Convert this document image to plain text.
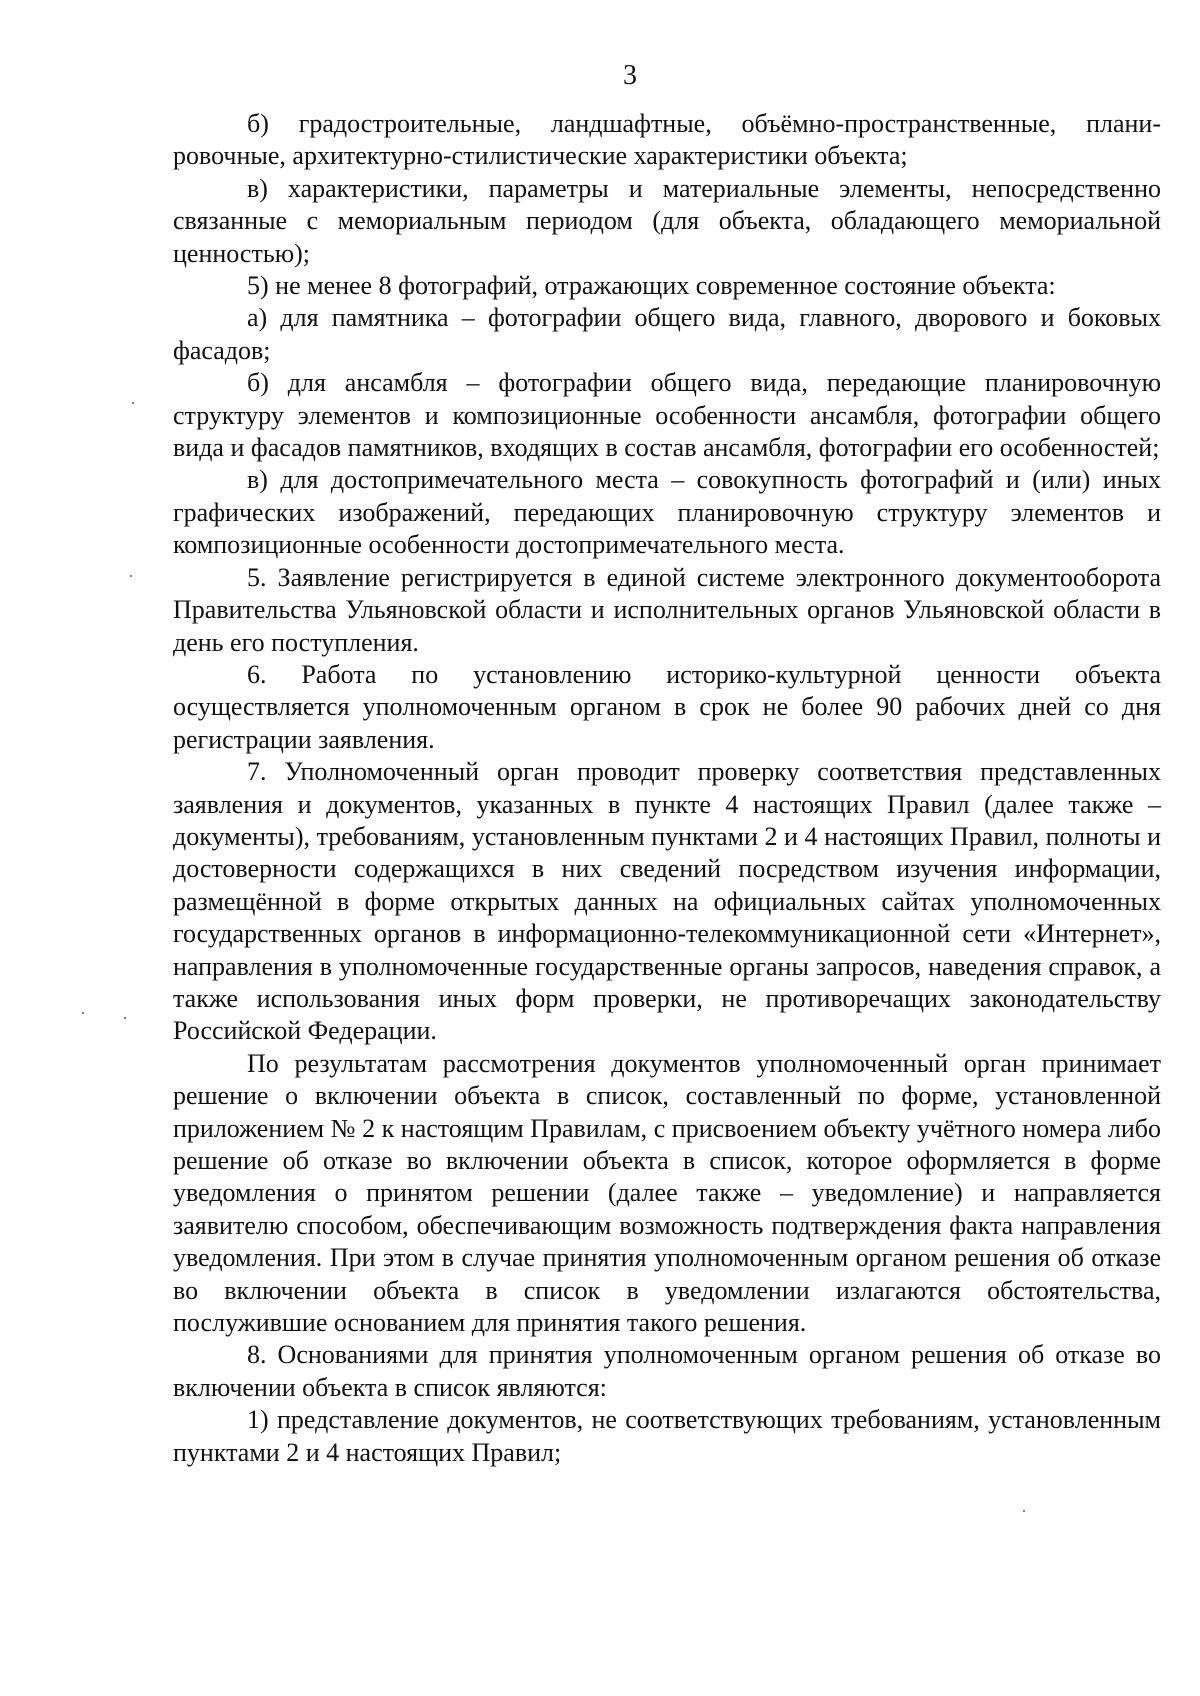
3

б) градостроительные, ландшафтные, объёмно-пространственные, планировочные, архитектурно-стилистические характеристики объекта;

в) характеристики, параметры и материальные элементы, непосредственно связанные с мемориальным периодом (для объекта, обладающего мемориальной ценностью);

5) не менее 8 фотографий, отражающих современное состояние объекта:

а) для памятника – фотографии общего вида, главного, дворового и боковых фасадов;

б) для ансамбля – фотографии общего вида, передающие планировочную структуру элементов и композиционные особенности ансамбля, фотографии общего вида и фасадов памятников, входящих в состав ансамбля, фотографии его особенностей;

в) для достопримечательного места – совокупность фотографий и (или) иных графических изображений, передающих планировочную структуру элементов и композиционные особенности достопримечательного места.

5. Заявление регистрируется в единой системе электронного документооборота Правительства Ульяновской области и исполнительных органов Ульяновской области в день его поступления.

6. Работа по установлению историко-культурной ценности объекта осуществляется уполномоченным органом в срок не более 90 рабочих дней со дня регистрации заявления.

7. Уполномоченный орган проводит проверку соответствия представленных заявления и документов, указанных в пункте 4 настоящих Правил (далее также – документы), требованиям, установленным пунктами 2 и 4 настоящих Правил, полноты и достоверности содержащихся в них сведений посредством изучения информации, размещённой в форме открытых данных на официальных сайтах уполномоченных государственных органов в информационно-телекоммуникационной сети «Интернет», направления в уполномоченные государственные органы запросов, наведения справок, а также использования иных форм проверки, не противоречащих законодательству Российской Федерации.

По результатам рассмотрения документов уполномоченный орган принимает решение о включении объекта в список, составленный по форме, установленной приложением № 2 к настоящим Правилам, с присвоением объекту учётного номера либо решение об отказе во включении объекта в список, которое оформляется в форме уведомления о принятом решении (далее также – уведомление) и направляется заявителю способом, обеспечивающим возможность подтверждения факта направления уведомления. При этом в случае принятия уполномоченным органом решения об отказе во включении объекта в список в уведомлении излагаются обстоятельства, послужившие основанием для принятия такого решения.

8. Основаниями для принятия уполномоченным органом решения об отказе во включении объекта в список являются:

1) представление документов, не соответствующих требованиям, установленным пунктами 2 и 4 настоящих Правил;
